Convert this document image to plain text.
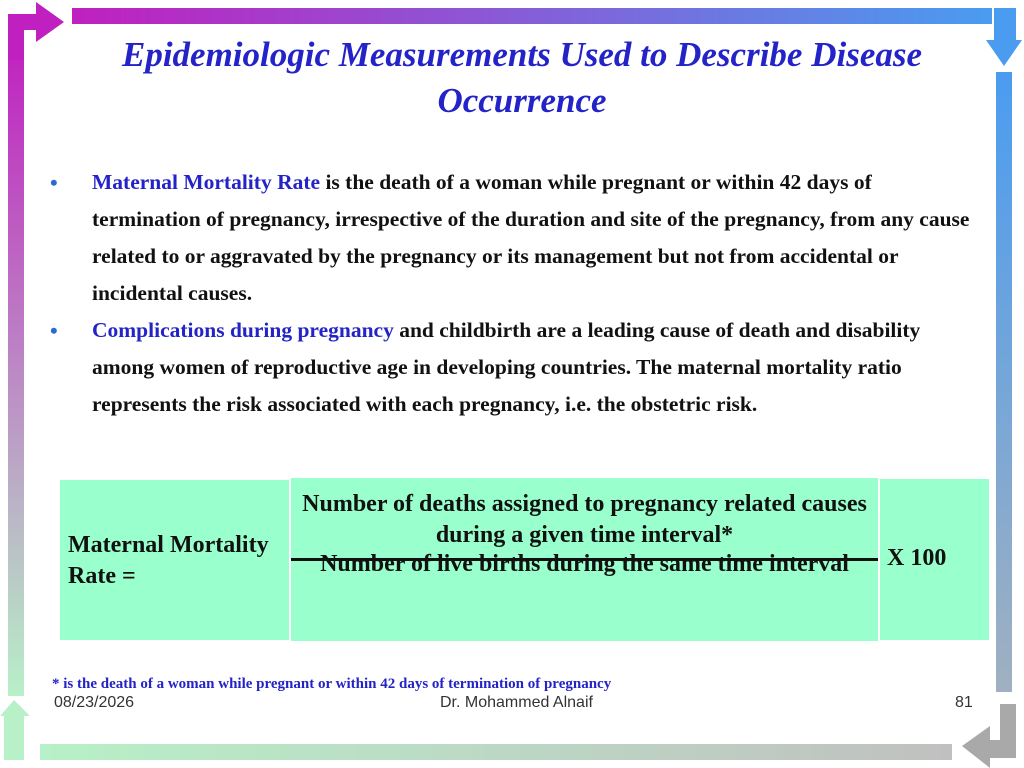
Epidemiologic Measurements Used to Describe Disease Occurrence
• Maternal Mortality Rate is the death of a woman while pregnant or within 42 days of termination of pregnancy, irrespective of the duration and site of the pregnancy, from any cause related to or aggravated by the pregnancy or its management but not from accidental or incidental causes.
• Complications during pregnancy and childbirth are a leading cause of death and disability among women of reproductive age in developing countries. The maternal mortality ratio represents the risk associated with each pregnancy, i.e. the obstetric risk.
Maternal Mortality Rate =
Number of deaths assigned to pregnancy related causes during a given time interval*
Number of live births during the same time interval	X 100
* is the death of a woman while pregnant or within 42 days of termination of pregnancy
08/23/2026	Dr. Mohammed Alnaif	81
